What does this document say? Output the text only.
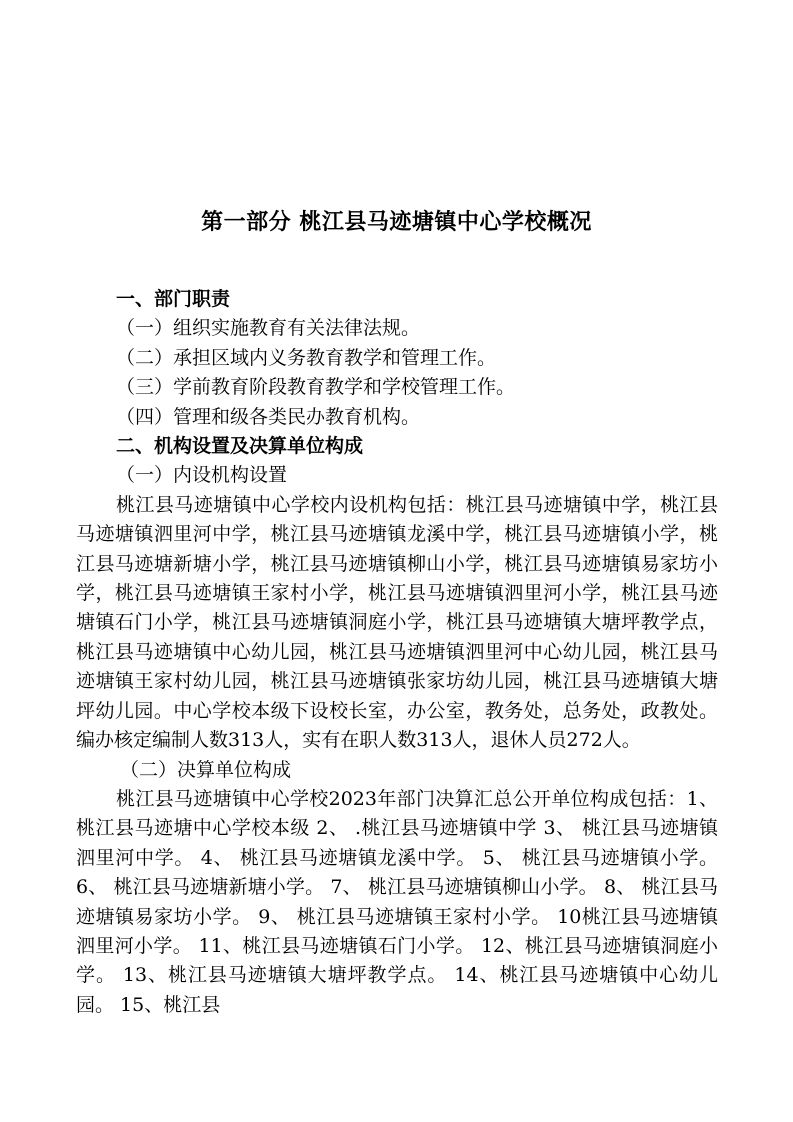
第一部分 桃江县马迹塘镇中心学校概况

一、部门职责

（一）组织实施教育有关法律法规。

（二）承担区域内义务教育教学和管理工作。

（三）学前教育阶段教育教学和学校管理工作。

（四）管理和级各类民办教育机构。

二、机构设置及决算单位构成

（一）内设机构设置

桃江县马迹塘镇中心学校内设机构包括：桃江县马迹塘镇中学，桃江县马迹塘镇泗里河中学，桃江县马迹塘镇龙溪中学，桃江县马迹塘镇小学，桃江县马迹塘新塘小学，桃江县马迹塘镇柳山小学，桃江县马迹塘镇易家坊小学，桃江县马迹塘镇王家村小学，桃江县马迹塘镇泗里河小学，桃江县马迹塘镇石门小学，桃江县马迹塘镇洞庭小学，桃江县马迹塘镇大塘坪教学点，桃江县马迹塘镇中心幼儿园，桃江县马迹塘镇泗里河中心幼儿园，桃江县马迹塘镇王家村幼儿园，桃江县马迹塘镇张家坊幼儿园，桃江县马迹塘镇大塘坪幼儿园。中心学校本级下设校长室，办公室，教务处，总务处，政教处。编办核定编制人数313人，实有在职人数313人，退休人员272人。

（二）决算单位构成

桃江县马迹塘镇中心学校2023年部门决算汇总公开单位构成包括：1、 桃江县马迹塘中心学校本级 2、 .桃江县马迹塘镇中学 3、 桃江县马迹塘镇泗里河中学。 4、 桃江县马迹塘镇龙溪中学。 5、 桃江县马迹塘镇小学。 6、 桃江县马迹塘新塘小学。 7、 桃江县马迹塘镇柳山小学。 8、 桃江县马迹塘镇易家坊小学。 9、 桃江县马迹塘镇王家村小学。 10桃江县马迹塘镇泗里河小学。 11、桃江县马迹塘镇石门小学。 12、桃江县马迹塘镇洞庭小学。 13、桃江县马迹塘镇大塘坪教学点。 14、桃江县马迹塘镇中心幼儿园。 15、桃江县
